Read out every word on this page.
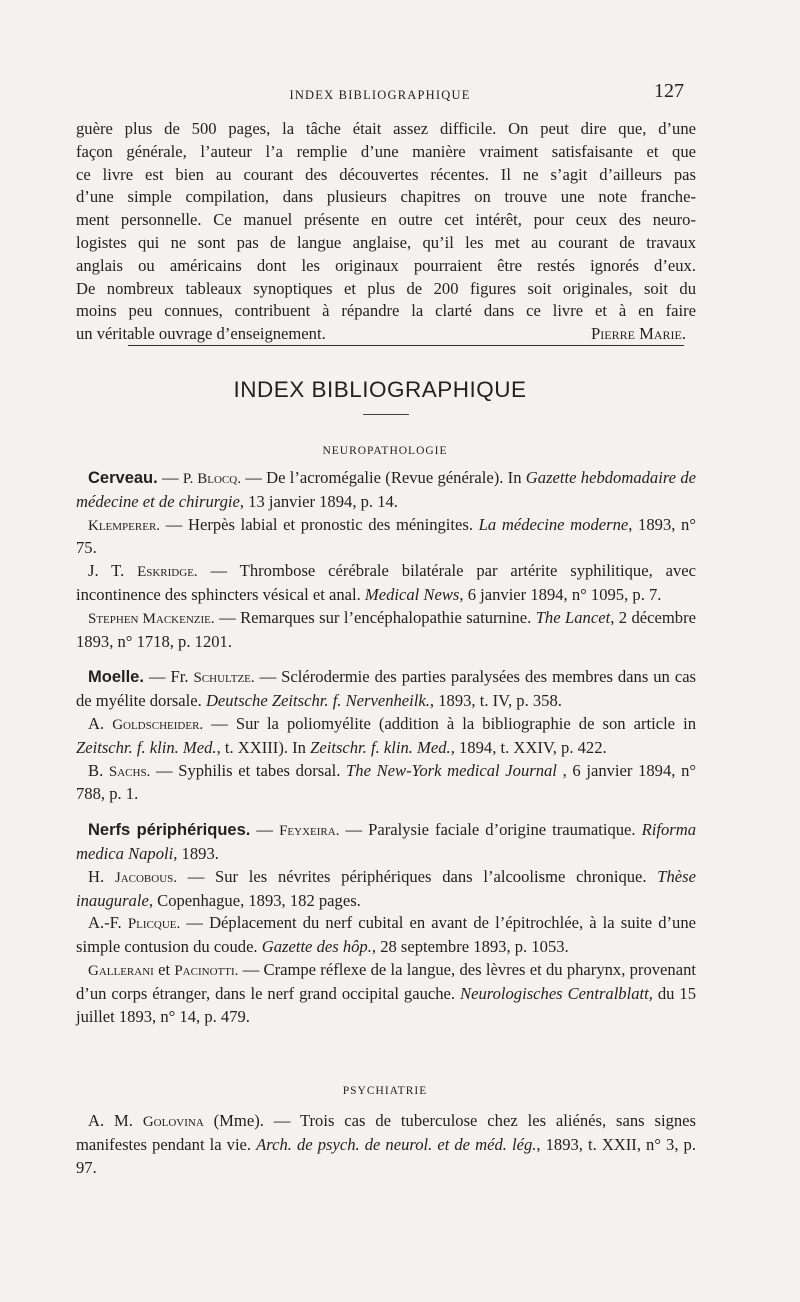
INDEX BIBLIOGRAPHIQUE	127
guère plus de 500 pages, la tâche était assez difficile. On peut dire que, d’une
façon générale, l’auteur l’a remplie d’une manière vraiment satisfaisante et que
ce livre est bien au courant des découvertes récentes. Il ne s’agit d’ailleurs pas
d’une simple compilation, dans plusieurs chapitres on trouve une note franche-
ment personnelle. Ce manuel présente en outre cet intérêt, pour ceux des neuro-
logistes qui ne sont pas de langue anglaise, qu’il les met au courant de travaux
anglais ou américains dont les originaux pourraient être restés ignorés d’eux.
De nombreux tableaux synoptiques et plus de 200 figures soit originales, soit du
moins peu connues, contribuent à répandre la clarté dans ce livre et à en faire
un véritable ouvrage d’enseignement.	Pierre Marie.
INDEX BIBLIOGRAPHIQUE
NEUROPATHOLOGIE

Cerveau. — P. Blocq. — De l’acromégalie (Revue générale). In Gazette hebdomadaire de médecine et de chirurgie, 13 janvier 1894, p. 14.

Klemperer. — Herpès labial et pronostic des méningites. La médecine moderne, 1893, n° 75.

J. T. Eskridge. — Thrombose cérébrale bilatérale par artérite syphilitique, avec incontinence des sphincters vésical et anal. Medical News, 6 janvier 1894, n° 1095, p. 7.

Stephen Mackenzie. — Remarques sur l’encéphalopathie saturnine. The Lancet, 2 décembre 1893, n° 1718, p. 1201.

Moelle. — Fr. Schultze. — Sclérodermie des parties paralysées des membres dans un cas de myélite dorsale. Deutsche Zeitschr. f. Nervenheilk., 1893, t. IV, p. 358.

A. Goldscheider. — Sur la poliomyélite (addition à la bibliographie de son article in Zeitschr. f. klin. Med., t. XXIII). In Zeitschr. f. klin. Med., 1894, t. XXIV, p. 422.

B. Sachs. — Syphilis et tabes dorsal. The New-York medical Journal , 6 janvier 1894, n° 788, p. 1.

Nerfs périphériques. — Feyxeira. — Paralysie faciale d’origine traumatique. Riforma medica Napoli, 1893.

H. Jacobous. — Sur les névrites périphériques dans l’alcoolisme chronique. Thèse inaugurale, Copenhague, 1893, 182 pages.

A.-F. Plicque. — Déplacement du nerf cubital en avant de l’épitrochlée, à la suite d’une simple contusion du coude. Gazette des hôp., 28 septembre 1893, p. 1053.

Gallerani et Pacinotti. — Crampe réflexe de la langue, des lèvres et du pharynx, provenant d’un corps étranger, dans le nerf grand occipital gauche. Neurologisches Centralblatt, du 15 juillet 1893, n° 14, p. 479.

PSYCHIATRIE

A. M. Golovina (Mme). — Trois cas de tuberculose chez les aliénés, sans signes manifestes pendant la vie. Arch. de psych. de neurol. et de méd. lég., 1893, t. XXII, n° 3, p. 97.
